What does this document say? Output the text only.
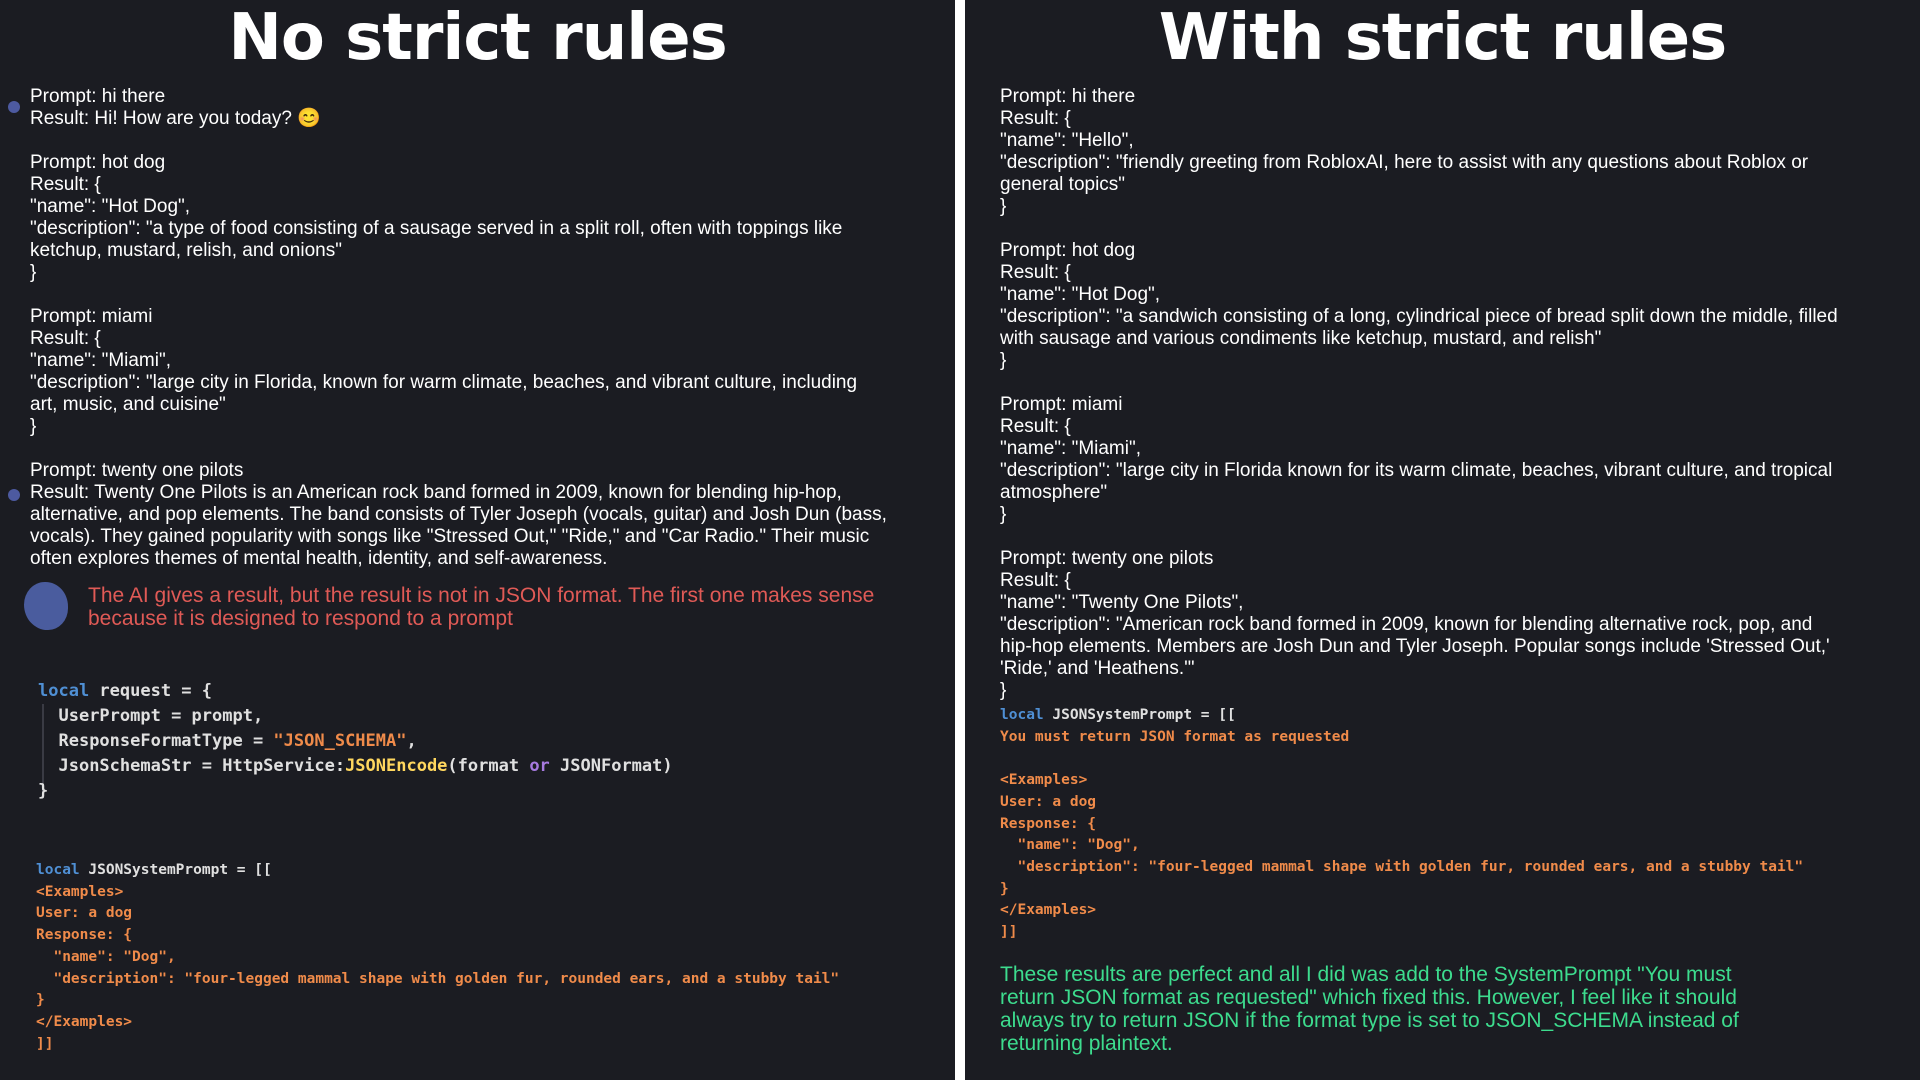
No strict rules
Prompt: hi there
Result: Hi! How are you today? 😊
Prompt: hot dog
Result: {
"name": "Hot Dog",
"description": "a type of food consisting of a sausage served in a split roll, often with toppings like
ketchup, mustard, relish, and onions"
}
Prompt: miami
Result: {
"name": "Miami",
"description": "large city in Florida, known for warm climate, beaches, and vibrant culture, including
art, music, and cuisine"
}
Prompt: twenty one pilots
Result: Twenty One Pilots is an American rock band formed in 2009, known for blending hip-hop,
alternative, and pop elements. The band consists of Tyler Joseph (vocals, guitar) and Josh Dun (bass,
vocals). They gained popularity with songs like "Stressed Out," "Ride," and "Car Radio." Their music
often explores themes of mental health, identity, and self-awareness.
The AI gives a result, but the result is not in JSON format. The first one makes sense
because it is designed to respond to a prompt
local request = {
UserPrompt = prompt,
ResponseFormatType = "JSON_SCHEMA",
JsonSchemaStr = HttpService:JSONEncode(format or JSONFormat)
}
local JSONSystemPrompt = [[
<Examples>
User: a dog
Response: {
"name": "Dog",
"description": "four-legged mammal shape with golden fur, rounded ears, and a stubby tail"
}
</Examples>
]]
With strict rules
Prompt: hi there
Result: {
"name": "Hello",
"description": "friendly greeting from RobloxAI, here to assist with any questions about Roblox or
general topics"
}
Prompt: hot dog
Result: {
"name": "Hot Dog",
"description": "a sandwich consisting of a long, cylindrical piece of bread split down the middle, filled
with sausage and various condiments like ketchup, mustard, and relish"
}
Prompt: miami
Result: {
"name": "Miami",
"description": "large city in Florida known for its warm climate, beaches, vibrant culture, and tropical
atmosphere"
}
Prompt: twenty one pilots
Result: {
"name": "Twenty One Pilots",
"description": "American rock band formed in 2009, known for blending alternative rock, pop, and
hip-hop elements. Members are Josh Dun and Tyler Joseph. Popular songs include 'Stressed Out,'
'Ride,' and 'Heathens.'"
}
local JSONSystemPrompt = [[
You must return JSON format as requested

<Examples>
User: a dog
Response: {
"name": "Dog",
"description": "four-legged mammal shape with golden fur, rounded ears, and a stubby tail"
}
</Examples>
]]
These results are perfect and all I did was add to the SystemPrompt "You must
return JSON format as requested" which fixed this. However, I feel like it should
always try to return JSON if the format type is set to JSON_SCHEMA instead of
returning plaintext.
